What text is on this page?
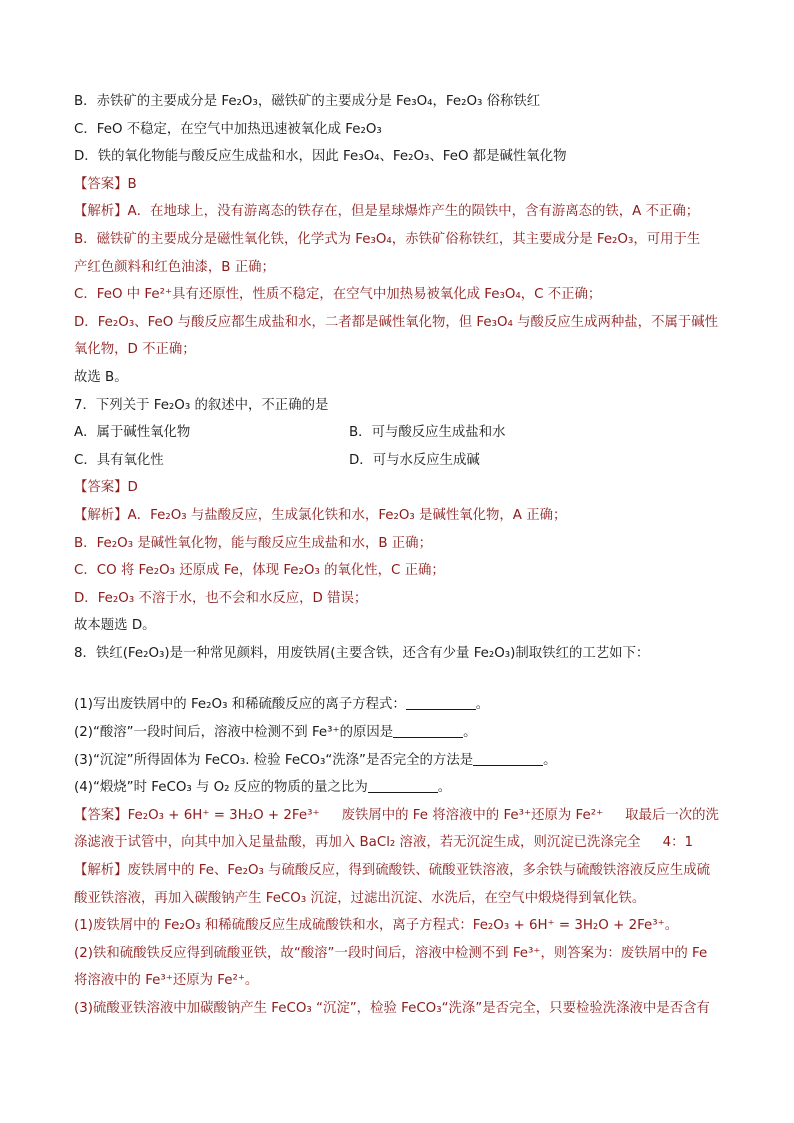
B．赤铁矿的主要成分是 Fe₂O₃，磁铁矿的主要成分是 Fe₃O₄，Fe₂O₃ 俗称铁红
C．FeO 不稳定，在空气中加热迅速被氧化成 Fe₂O₃
D．铁的氧化物能与酸反应生成盐和水，因此 Fe₃O₄、Fe₂O₃、FeO 都是碱性氧化物
【答案】B
【解析】A．在地球上，没有游离态的铁存在，但是星球爆炸产生的陨铁中，含有游离态的铁，A 不正确；
B．磁铁矿的主要成分是磁性氧化铁，化学式为 Fe₃O₄，赤铁矿俗称铁红，其主要成分是 Fe₂O₃，可用于生
产红色颜料和红色油漆，B 正确；
C．FeO 中 Fe²⁺具有还原性，性质不稳定，在空气中加热易被氧化成 Fe₃O₄，C 不正确；
D．Fe₂O₃、FeO 与酸反应都生成盐和水，二者都是碱性氧化物，但 Fe₃O₄ 与酸反应生成两种盐，不属于碱性
氧化物，D 不正确；
故选 B。
7．下列关于 Fe₂O₃ 的叙述中，不正确的是
A．属于碱性氧化物	B．可与酸反应生成盐和水
C．具有氧化性	D．可与水反应生成碱
【答案】D
【解析】A．Fe₂O₃ 与盐酸反应，生成氯化铁和水，Fe₂O₃ 是碱性氧化物，A 正确；
B．Fe₂O₃ 是碱性氧化物，能与酸反应生成盐和水，B 正确；
C．CO 将 Fe₂O₃ 还原成 Fe，体现 Fe₂O₃ 的氧化性，C 正确；
D．Fe₂O₃ 不溶于水，也不会和水反应，D 错误；
故本题选 D。
8．铁红(Fe₂O₃)是一种常见颜料，用废铁屑(主要含铁，还含有少量 Fe₂O₃)制取铁红的工艺如下：
(1)写出废铁屑中的 Fe₂O₃ 和稀硫酸反应的离子方程式：	。
(2)“酸溶”一段时间后，溶液中检测不到 Fe³⁺的原因是	。
(3)“沉淀”所得固体为 FeCO₃. 检验 FeCO₃“洗涤”是否完全的方法是	。
(4)“煅烧”时 FeCO₃ 与 O₂ 反应的物质的量之比为	。
【答案】Fe₂O₃ + 6H⁺ = 3H₂O + 2Fe³⁺ 废铁屑中的 Fe 将溶液中的 Fe³⁺还原为 Fe²⁺ 取最后一次的洗
涤滤液于试管中，向其中加入足量盐酸，再加入 BaCl₂ 溶液，若无沉淀生成，则沉淀已洗涤完全 4：1
【解析】废铁屑中的 Fe、Fe₂O₃ 与硫酸反应，得到硫酸铁、硫酸亚铁溶液，多余铁与硫酸铁溶液反应生成硫
酸亚铁溶液，再加入碳酸钠产生 FeCO₃ 沉淀，过滤出沉淀、水洗后，在空气中煅烧得到氧化铁。
(1)废铁屑中的 Fe₂O₃ 和稀硫酸反应生成硫酸铁和水，离子方程式：Fe₂O₃ + 6H⁺ = 3H₂O + 2Fe³⁺。
(2)铁和硫酸铁反应得到硫酸亚铁，故“酸溶”一段时间后，溶液中检测不到 Fe³⁺，则答案为：废铁屑中的 Fe
将溶液中的 Fe³⁺还原为 Fe²⁺。
(3)硫酸亚铁溶液中加碳酸钠产生 FeCO₃ “沉淀”，检验 FeCO₃“洗涤”是否完全，只要检验洗涤液中是否含有
